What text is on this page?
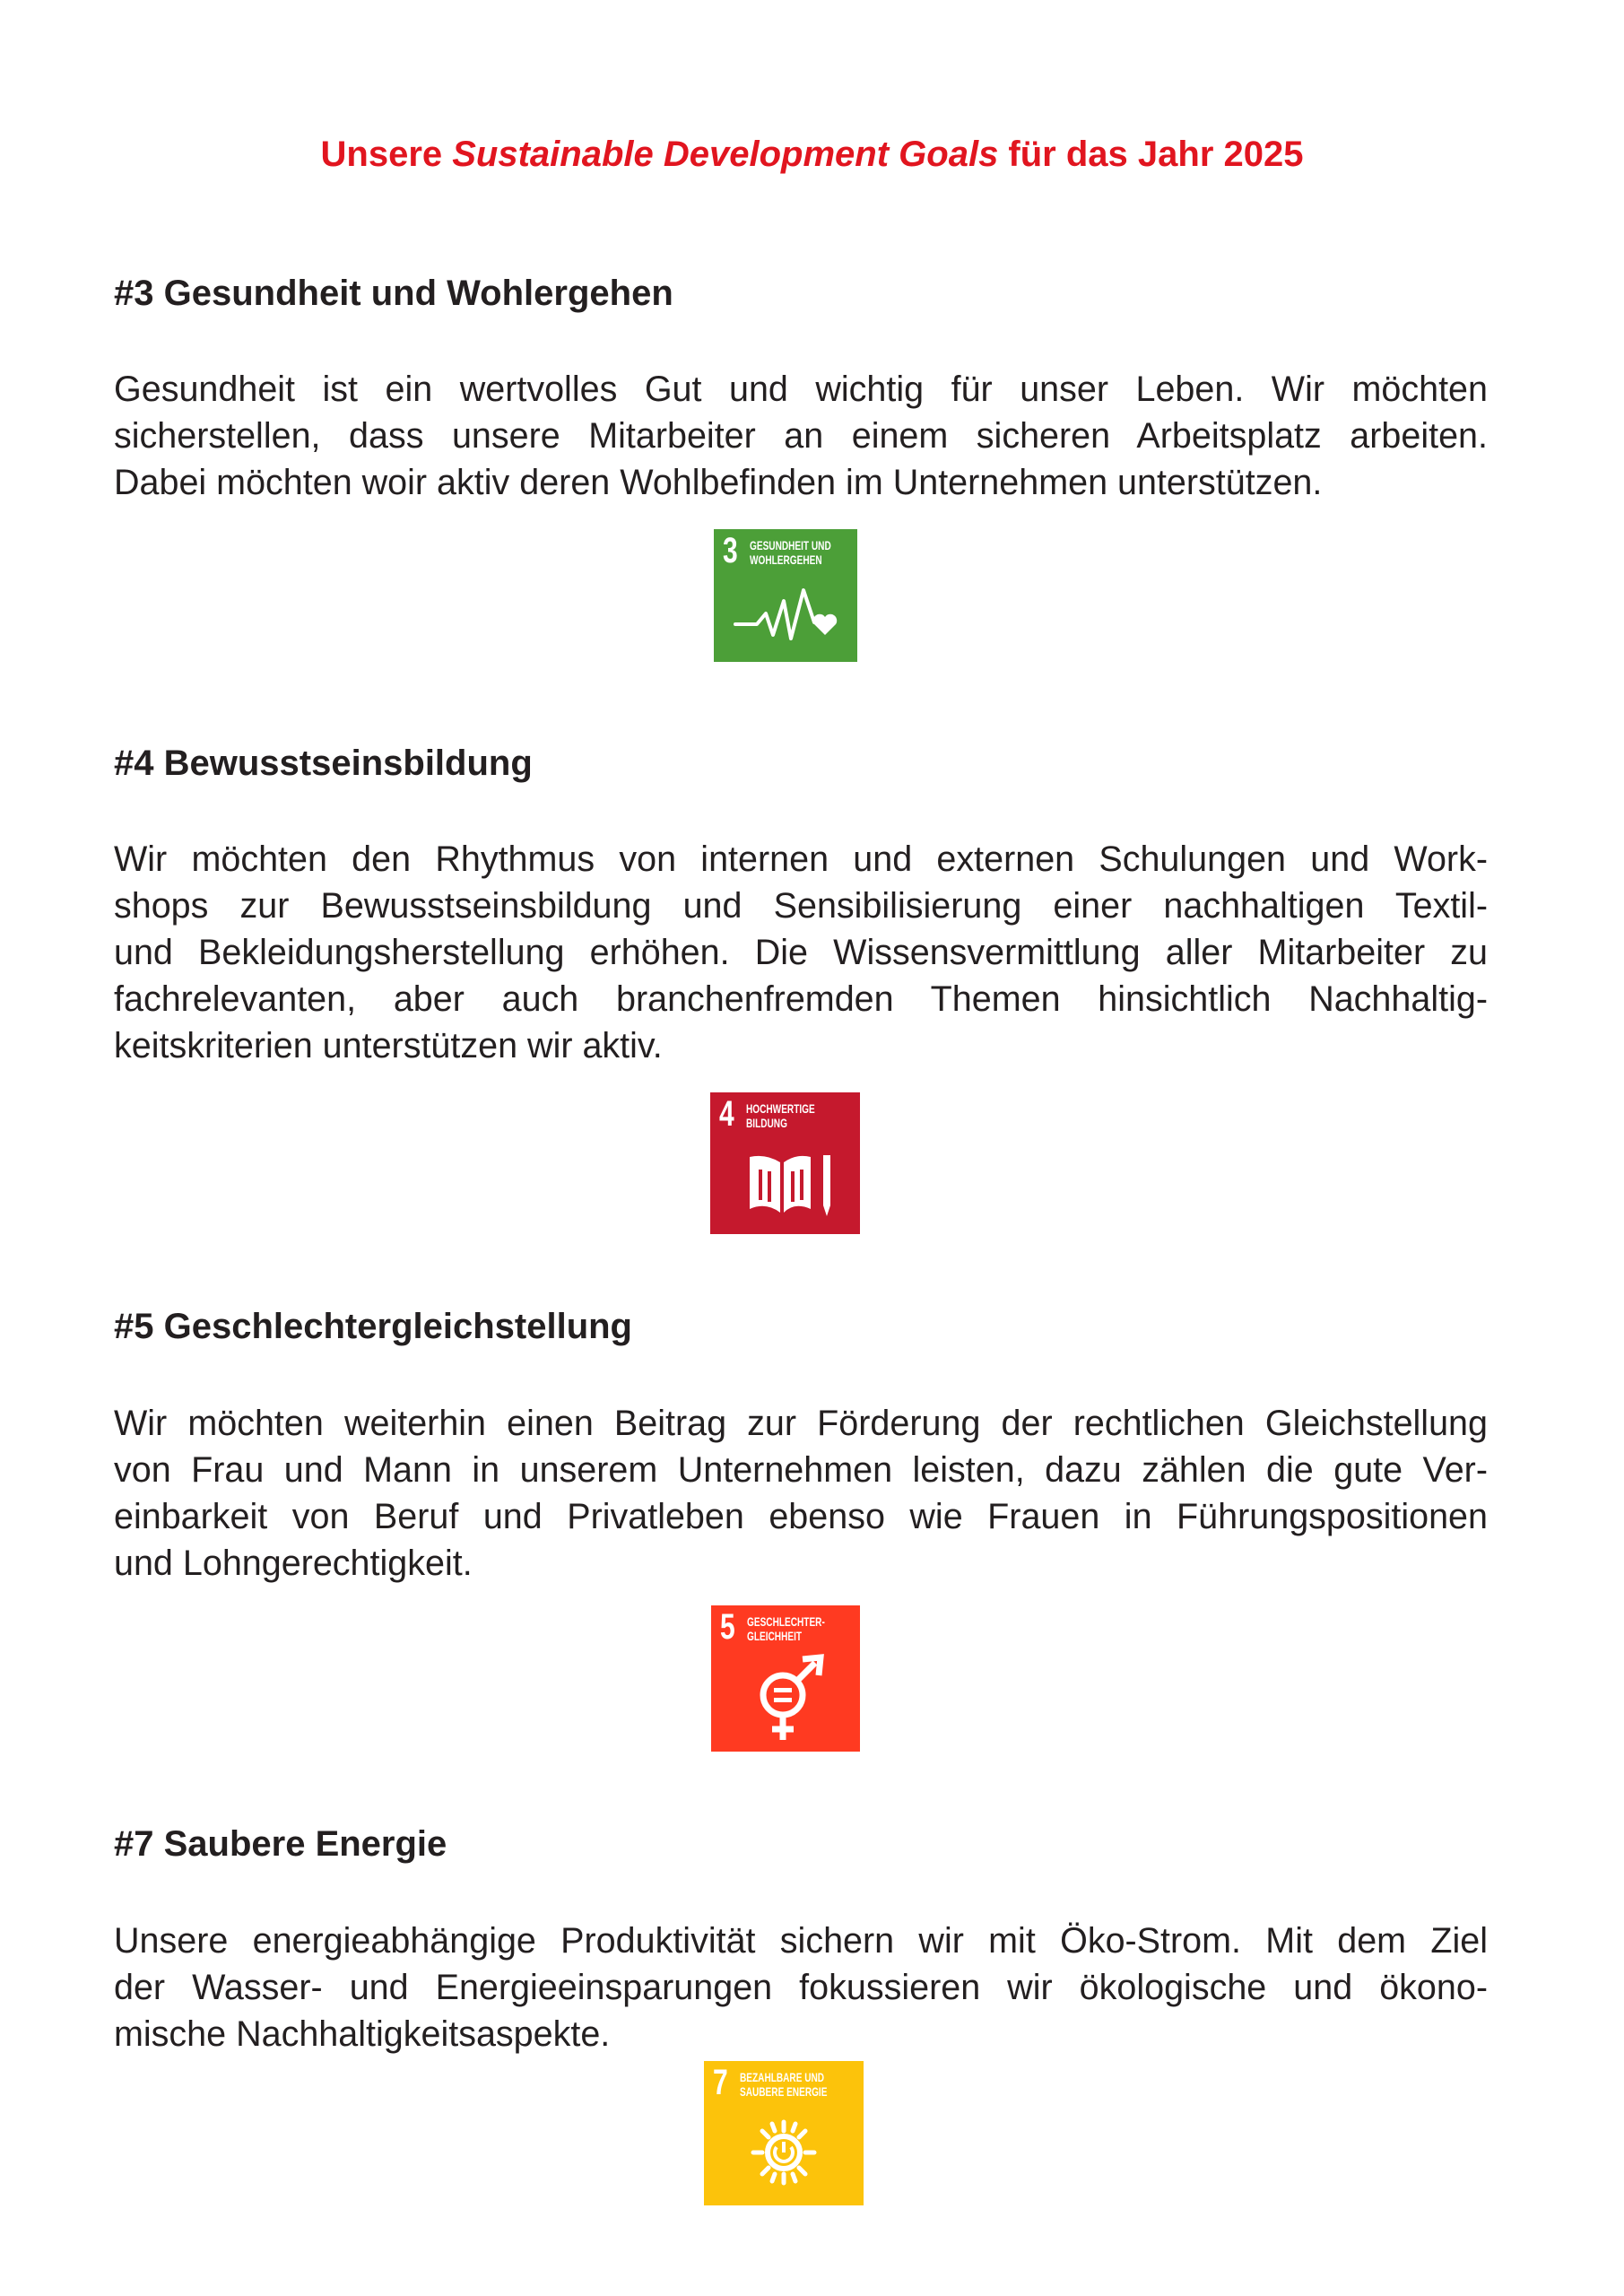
Unsere Sustainable Development Goals für das Jahr 2025
#3 Gesundheit und Wohlergehen

Gesundheit ist ein wertvolles Gut und wichtig für unser Leben. Wir möchten
sicherstellen, dass unsere Mitarbeiter an einem sicheren Arbeitsplatz arbeiten.
Dabei möchten woir aktiv deren Wohlbefinden im Unternehmen unterstützen.

3 GESUNDHEIT UND
WOHLERGEHEN
#4 Bewusstseinsbildung

Wir möchten den Rhythmus von internen und externen Schulungen und Work-
shops zur Bewusstseinsbildung und Sensibilisierung einer nachhaltigen Textil-
und Bekleidungsherstellung erhöhen. Die Wissensvermittlung aller Mitarbeiter zu
fachrelevanten, aber auch branchenfremden Themen hinsichtlich Nachhaltig-
keitskriterien unterstützen wir aktiv.

4 HOCHWERTIGE
BILDUNG
#5 Geschlechtergleichstellung

Wir möchten weiterhin einen Beitrag zur Förderung der rechtlichen Gleichstellung
von Frau und Mann in unserem Unternehmen leisten, dazu zählen die gute Ver-
einbarkeit von Beruf und Privatleben ebenso wie Frauen in Führungspositionen
und Lohngerechtigkeit.

5 GESCHLECHTER-
GLEICHHEIT
#7 Saubere Energie

Unsere energieabhängige Produktivität sichern wir mit Öko-Strom. Mit dem Ziel
der Wasser- und Energieeinsparungen fokussieren wir ökologische und ökono-
mische Nachhaltigkeitsaspekte.

7 BEZAHLBARE UND
SAUBERE ENERGIE
